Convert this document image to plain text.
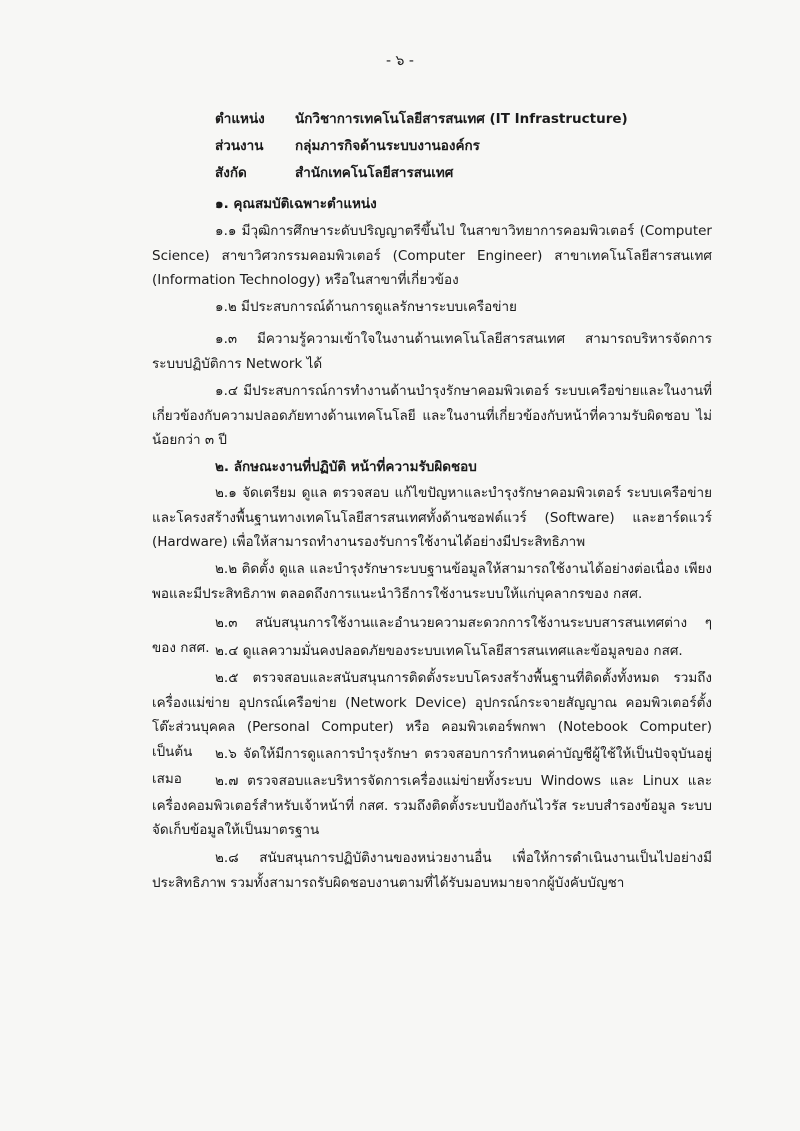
- ๖ -
ตำแหน่ง	นักวิชาการเทคโนโลยีสารสนเทศ (IT Infrastructure)
ส่วนงาน	กลุ่มภารกิจด้านระบบงานองค์กร
สังกัด	สำนักเทคโนโลยีสารสนเทศ
๑. คุณสมบัติเฉพาะตำแหน่ง
๑.๑ มีวุฒิการศึกษาระดับปริญญาตรีขึ้นไป ในสาขาวิทยาการคอมพิวเตอร์ (Computer Science) สาขาวิศวกรรมคอมพิวเตอร์ (Computer Engineer) สาขาเทคโนโลยีสารสนเทศ (Information Technology) หรือในสาขาที่เกี่ยวข้อง
๑.๒ มีประสบการณ์ด้านการดูแลรักษาระบบเครือข่าย
๑.๓ มีความรู้ความเข้าใจในงานด้านเทคโนโลยีสารสนเทศ สามารถบริหารจัดการระบบปฏิบัติการ Network ได้
๑.๔ มีประสบการณ์การทำงานด้านบำรุงรักษาคอมพิวเตอร์ ระบบเครือข่ายและในงานที่เกี่ยวข้องกับความปลอดภัยทางด้านเทคโนโลยี และในงานที่เกี่ยวข้องกับหน้าที่ความรับผิดชอบ ไม่น้อยกว่า ๓ ปี
๒. ลักษณะงานที่ปฏิบัติ หน้าที่ความรับผิดชอบ
๒.๑ จัดเตรียม ดูแล ตรวจสอบ แก้ไขปัญหาและบำรุงรักษาคอมพิวเตอร์ ระบบเครือข่ายและโครงสร้างพื้นฐานทางเทคโนโลยีสารสนเทศทั้งด้านซอฟต์แวร์ (Software) และฮาร์ดแวร์ (Hardware) เพื่อให้สามารถทำงานรองรับการใช้งานได้อย่างมีประสิทธิภาพ
๒.๒ ติดตั้ง ดูแล และบำรุงรักษาระบบฐานข้อมูลให้สามารถใช้งานได้อย่างต่อเนื่อง เพียงพอและมีประสิทธิภาพ ตลอดถึงการแนะนำวิธีการใช้งานระบบให้แก่บุคลากรของ กสศ.
๒.๓ สนับสนุนการใช้งานและอำนวยความสะดวกการใช้งานระบบสารสนเทศต่าง ๆ ของ กสศ. ๒.๔ ดูแลความมั่นคงปลอดภัยของระบบเทคโนโลยีสารสนเทศและข้อมูลของ กสศ.
๒.๕ ตรวจสอบและสนับสนุนการติดตั้งระบบโครงสร้างพื้นฐานที่ติดตั้งทั้งหมด รวมถึงเครื่องแม่ข่าย อุปกรณ์เครือข่าย (Network Device) อุปกรณ์กระจายสัญญาณ คอมพิวเตอร์ตั้งโต๊ะส่วนบุคคล (Personal Computer) หรือ คอมพิวเตอร์พกพา (Notebook Computer) เป็นต้น	๒.๖ จัดให้มีการดูแลการบำรุงรักษา ตรวจสอบการกำหนดค่าบัญชีผู้ใช้ให้เป็นปัจจุบันอยู่เสมอ	๒.๗ ตรวจสอบและบริหารจัดการเครื่องแม่ข่ายทั้งระบบ Windows และ Linux และเครื่องคอมพิวเตอร์สำหรับเจ้าหน้าที่ กสศ. รวมถึงติดตั้งระบบป้องกันไวรัส ระบบสำรองข้อมูล ระบบจัดเก็บข้อมูลให้เป็นมาตรฐาน
๒.๘ สนับสนุนการปฏิบัติงานของหน่วยงานอื่น เพื่อให้การดำเนินงานเป็นไปอย่างมีประสิทธิภาพ รวมทั้งสามารถรับผิดชอบงานตามที่ได้รับมอบหมายจากผู้บังคับบัญชา
